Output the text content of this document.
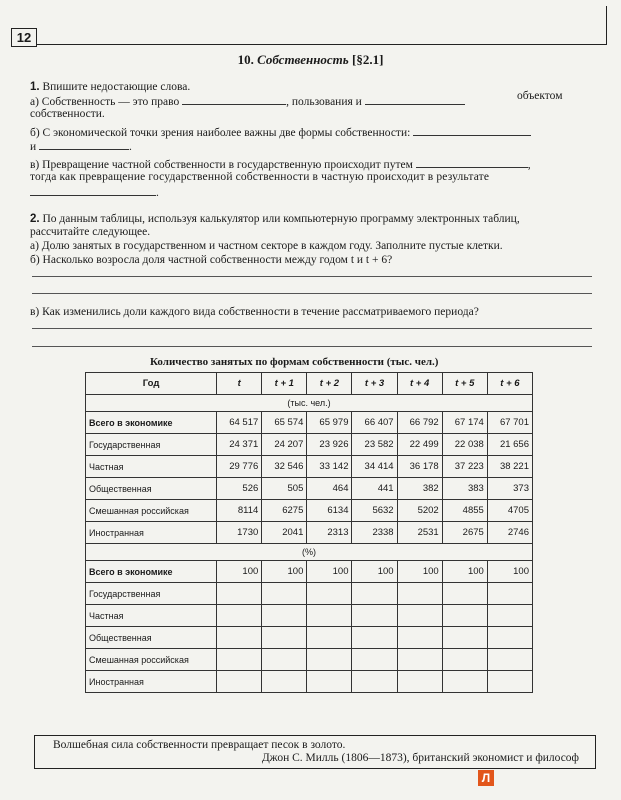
12
10. Собственность [§2.1]
1. Впишите недостающие слова.
а) Собственность — это право	, пользования и	объектом
собственности.
б) С экономической точки зрения наиболее важны две формы собственности:
и	.
в) Превращение частной собственности в государственную происходит путем	,
тогда как превращение государственной собственности в частную происходит в результате
.
2. По данным таблицы, используя калькулятор или компьютерную программу электронных таблиц,
рассчитайте следующее.
а) Долю занятых в государственном и частном секторе в каждом году. Заполните пустые клетки.
б) Насколько возросла доля частной собственности между годом t и t + 6?
в) Как изменились доли каждого вида собственности в течение рассматриваемого периода?
Количество занятых по формам собственности (тыс. чел.)
Год	t	t + 1	t + 2	t + 3	t + 4	t + 5	t + 6
(тыс. чел.)							
Всего в экономике	64 517	65 574	65 979	66 407	66 792	67 174	67 701
Государственная	24 371	24 207	23 926	23 582	22 499	22 038	21 656
Частная	29 776	32 546	33 142	34 414	36 178	37 223	38 221
Общественная	526	505	464	441	382	383	373
Смешанная российская	8114	6275	6134	5632	5202	4855	4705
Иностранная	1730	2041	2313	2338	2531	2675	2746
(%)							
Всего в экономике	100	100	100	100	100	100	100
Государственная							
Частная							
Общественная							
Смешанная российская							
Иностранная							
Волшебная сила собственности превращает песок в золото.
Джон С. Милль (1806—1873), британский экономист и философ
Л
